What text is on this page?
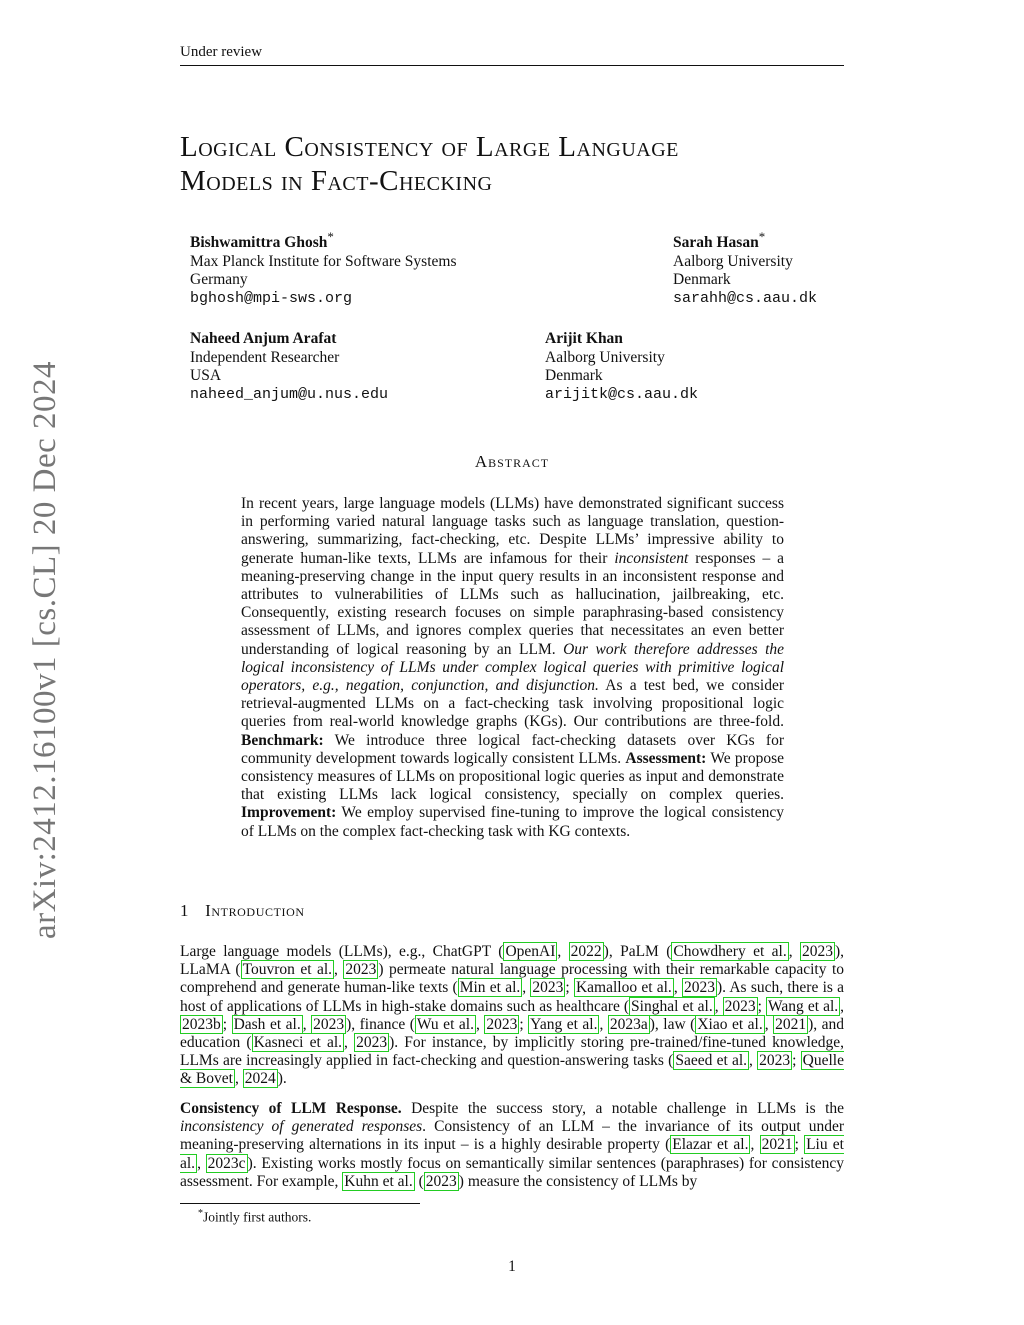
Under review
Logical Consistency of Large Language
Models in Fact-Checking
Bishwamittra Ghosh*
Max Planck Institute for Software Systems
Germany
bghosh@mpi-sws.org
Sarah Hasan*
Aalborg University
Denmark
sarahh@cs.aau.dk
Naheed Anjum Arafat
Independent Researcher
USA
naheed_anjum@u.nus.edu
Arijit Khan
Aalborg University
Denmark
arijitk@cs.aau.dk
arXiv:2412.16100v1 [cs.CL] 20 Dec 2024	Abstract
In recent years, large language models (LLMs) have demonstrated significant success in performing varied natural language tasks such as language translation, question-answering, summarizing, fact-checking, etc. Despite LLMs’ impressive ability to generate human-like texts, LLMs are infamous for their inconsistent responses – a meaning-preserving change in the input query results in an inconsistent response and attributes to vulnerabilities of LLMs such as hallucination, jailbreaking, etc. Consequently, existing research focuses on simple paraphrasing-based consistency assessment of LLMs, and ignores complex queries that necessitates an even better understanding of logical reasoning by an LLM. Our work therefore addresses the logical inconsistency of LLMs under complex logical queries with primitive logical operators, e.g., negation, conjunction, and disjunction. As a test bed, we consider retrieval-augmented LLMs on a fact-checking task involving propositional logic queries from real-world knowledge graphs (KGs). Our contributions are three-fold. Benchmark: We introduce three logical fact-checking datasets over KGs for community development towards logically consistent LLMs. Assessment: We propose consistency measures of LLMs on propositional logic queries as input and demonstrate that existing LLMs lack logical consistency, specially on complex queries. Improvement: We employ supervised fine-tuning to improve the logical consistency of LLMs on the complex fact-checking task with KG contexts.
1 Introduction
Large language models (LLMs), e.g., ChatGPT ( OpenAI , 2022 ), PaLM ( Chowdhery et al. , 2023 ), LLaMA ( Touvron et al. , 2023 ) permeate natural language processing with their remarkable capacity to comprehend and generate human-like texts ( Min et al. , 2023 ; Kamalloo et al. , 2023 ). As such, there is a host of applications of LLMs in high-stake domains such as healthcare ( Singhal et al. , 2023 ; Wang et al. , 2023b ; Dash et al. , 2023 ), finance ( Wu et al. , 2023 ; Yang et al. , 2023a ), law ( Xiao et al. , 2021 ), and education ( Kasneci et al. , 2023 ). For instance, by implicitly storing pre-trained/fine-tuned knowledge, LLMs are increasingly applied in fact-checking and question-answering tasks ( Saeed et al. , 2023 ; Quelle & Bovet , 2024 ).
Consistency of LLM Response. Despite the success story, a notable challenge in LLMs is the inconsistency of generated responses. Consistency of an LLM – the invariance of its output under meaning-preserving alternations in its input – is a highly desirable property ( Elazar et al. , 2021 ; Liu et al. , 2023c ). Existing works mostly focus on semantically similar sentences (paraphrases) for consistency assessment. For example, Kuhn et al. ( 2023 ) measure the consistency of LLMs by
*Jointly first authors.
1
